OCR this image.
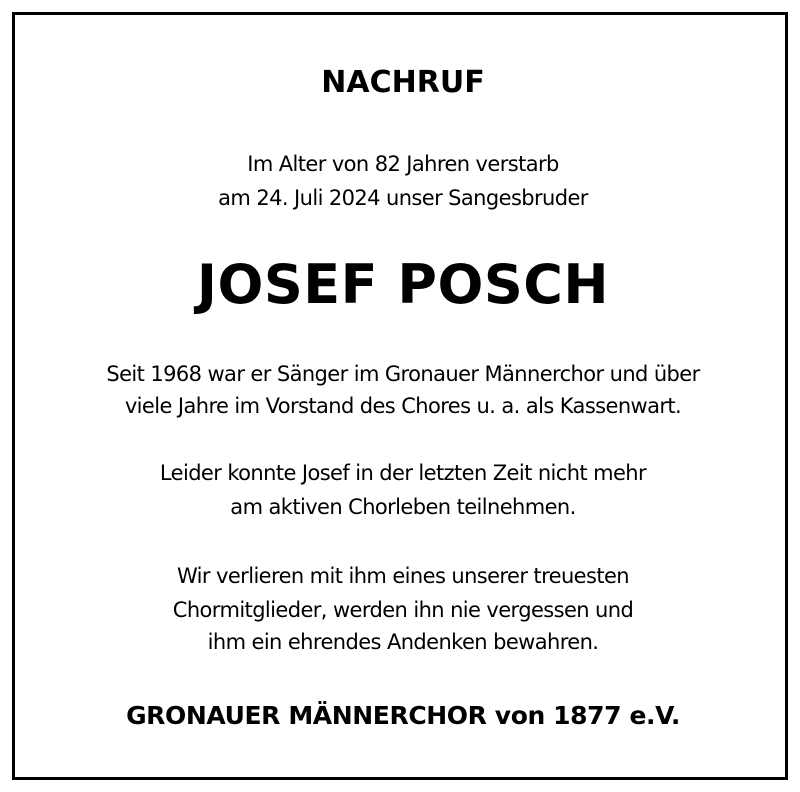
NACHRUF
Im Alter von 82 Jahren verstarb
am 24. Juli 2024 unser Sangesbruder
JOSEF POSCH
Seit 1968 war er Sänger im Gronauer Männerchor und über
viele Jahre im Vorstand des Chores u. a. als Kassenwart.
Leider konnte Josef in der letzten Zeit nicht mehr
am aktiven Chorleben teilnehmen.
Wir verlieren mit ihm eines unserer treuesten
Chormitglieder, werden ihn nie vergessen und
ihm ein ehrendes Andenken bewahren.
GRONAUER MÄNNERCHOR von 1877 e.V.
